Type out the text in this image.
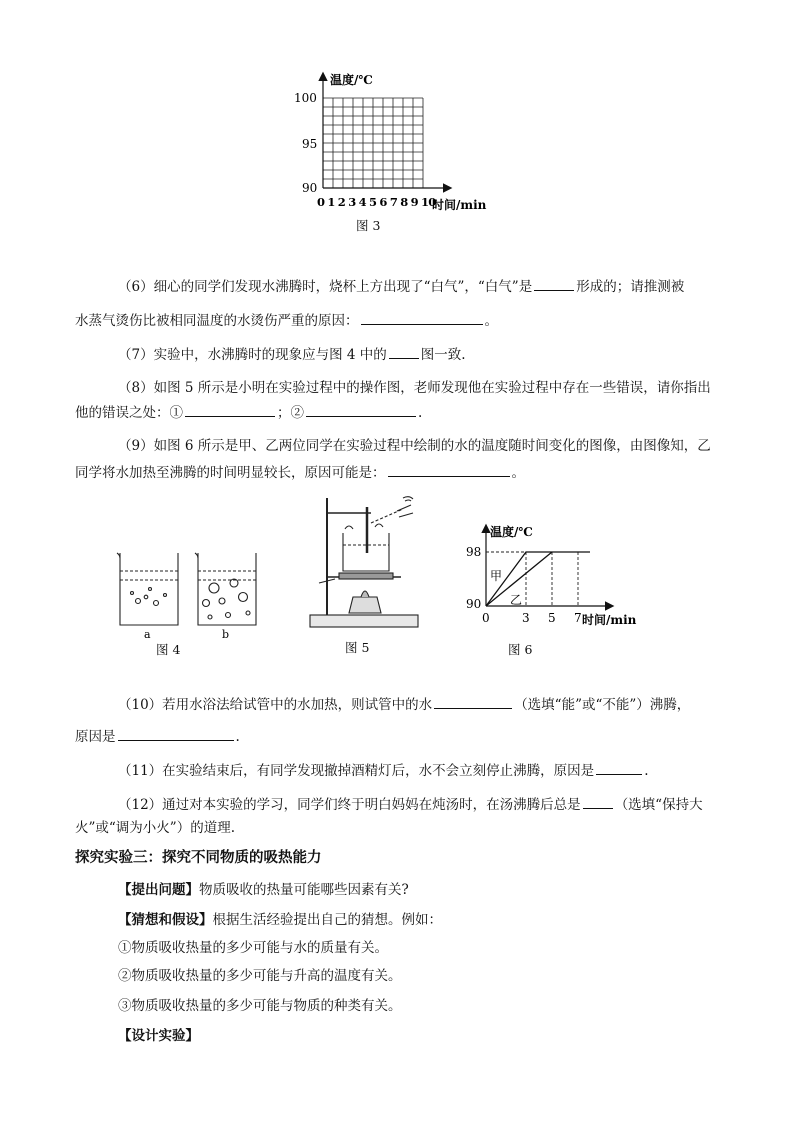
温度/℃
100
95
90
0 1 2 3 4 5 6 7 8 9 10
时间/min
图 3
（6）细心的同学们发现水沸腾时，烧杯上方出现了“白气”，“白气”是	形成的；请推测被
水蒸气烫伤比被相同温度的水烫伤严重的原因：	。
（7）实验中，水沸腾时的现象应与图 4 中的	图一致.
（8）如图 5 所示是小明在实验过程中的操作图，老师发现他在实验过程中存在一些错误，请你指出
他的错误之处：①	；②	.
（9）如图 6 所示是甲、乙两位同学在实验过程中绘制的水的温度随时间变化的图像，由图像知，乙
同学将水加热至沸腾的时间明显较长，原因可能是：	。
a	b
图 4	图 5
温度/℃
98
90
0	3 5 7 时间/min
甲
乙
图 6
（10）若用水浴法给试管中的水加热，则试管中的水	（选填“能”或“不能”）沸腾，
原因是	.
（11）在实验结束后，有同学发现撤掉酒精灯后，水不会立刻停止沸腾，原因是	.
（12）通过对本实验的学习，同学们终于明白妈妈在炖汤时，在汤沸腾后总是	（选填“保持大
火”或“调为小火”）的道理.
探究实验三：探究不同物质的吸热能力
【提出问题】物质吸收的热量可能哪些因素有关?
【猜想和假设】根据生活经验提出自己的猜想。例如：
①物质吸收热量的多少可能与水的质量有关。
②物质吸收热量的多少可能与升高的温度有关。
③物质吸收热量的多少可能与物质的种类有关。
【设计实验】
